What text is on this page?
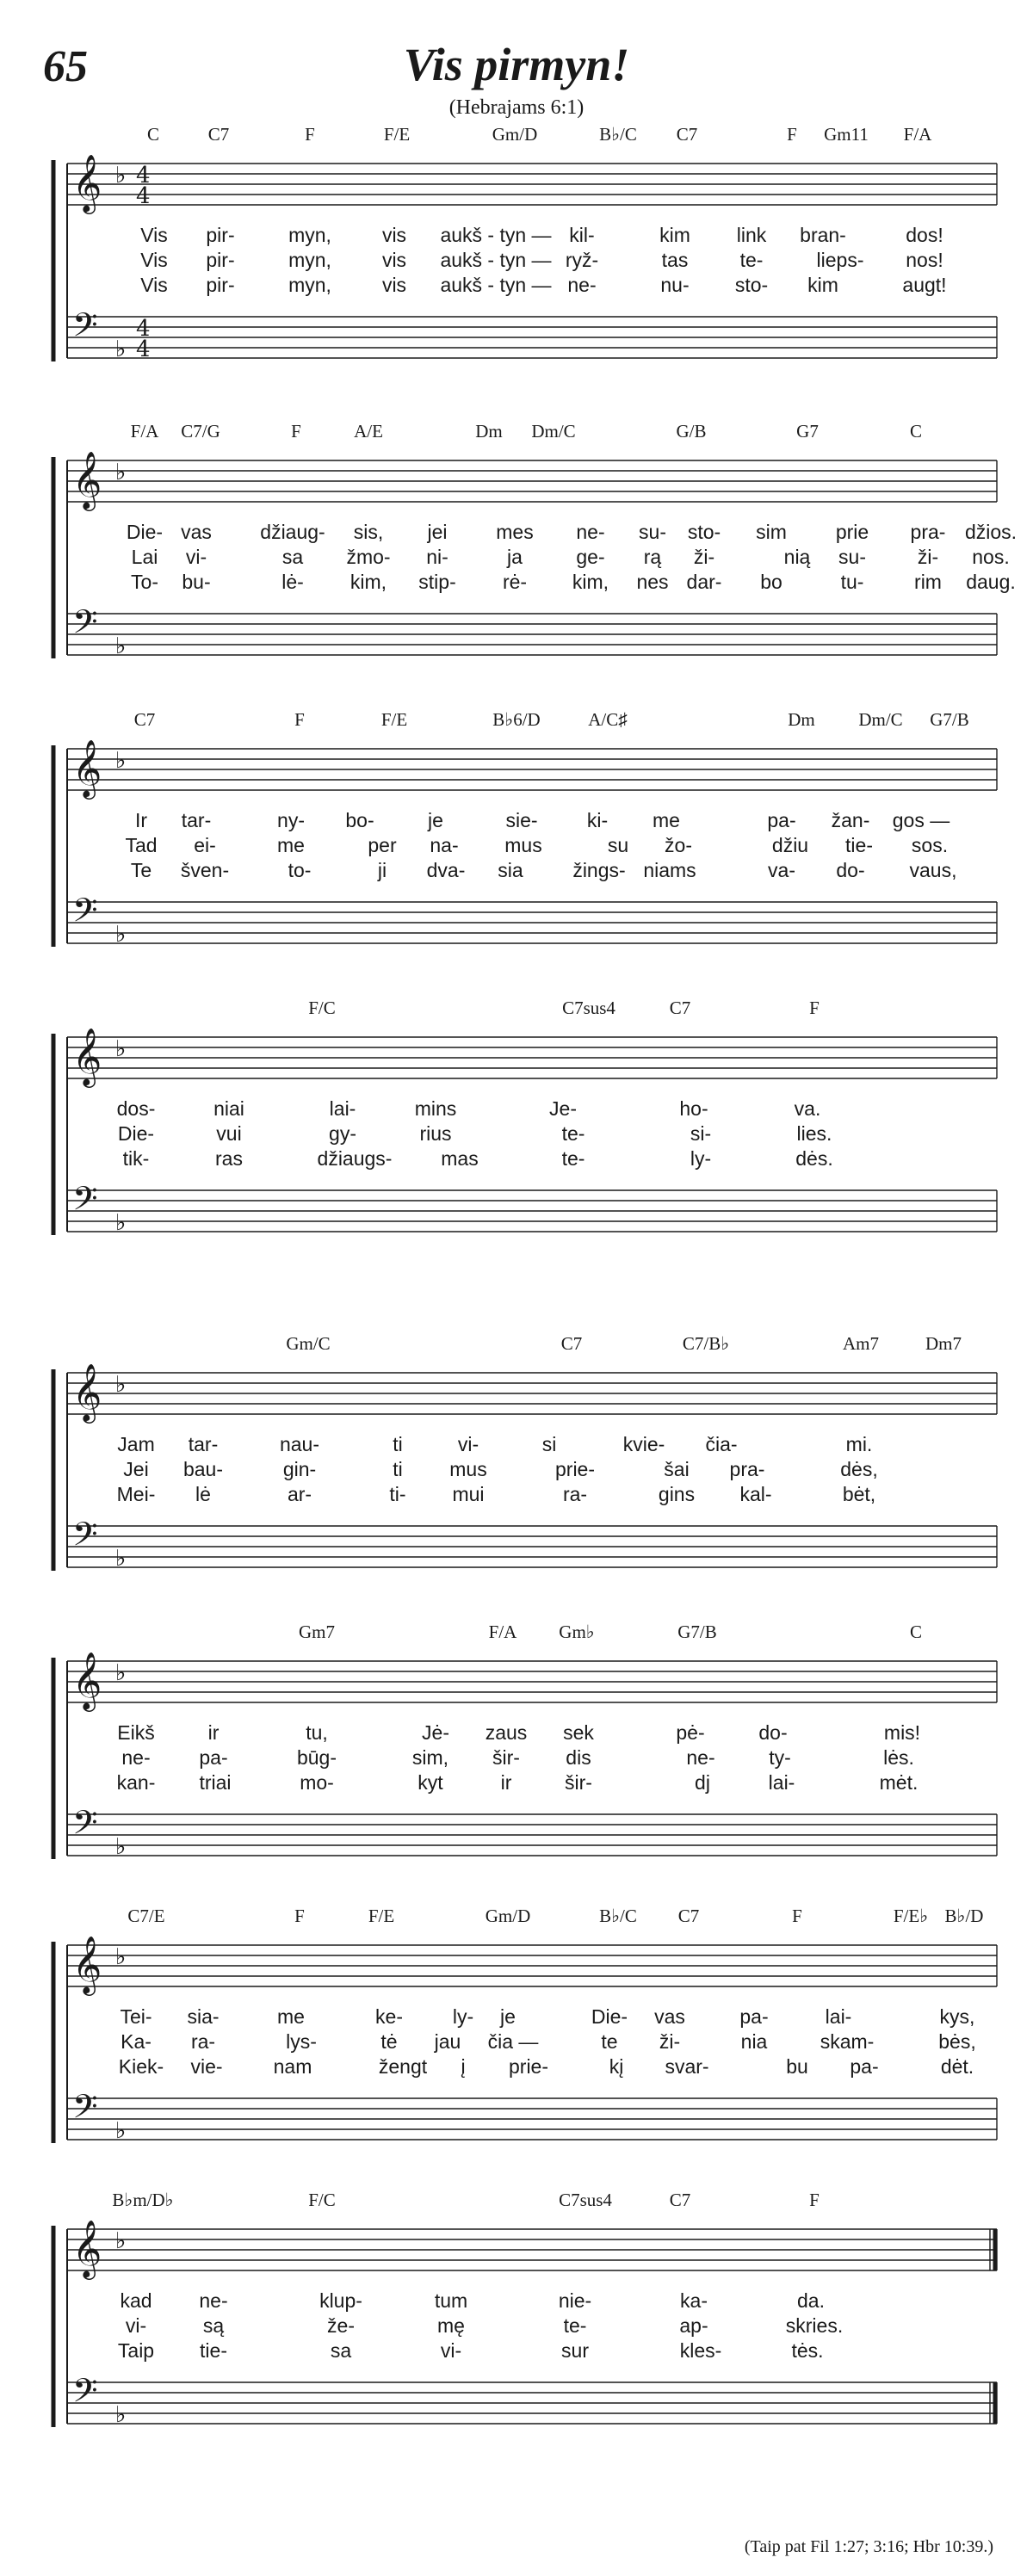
65	Vis pirmyn!
(Hebrajams 6:1)
(Taip pat Fil 1:27; 3:16; Hbr 10:39.)
𝄞
𝄢
♭
♭
4
4
4
4
C	C7	F	F/E	Gm/D	B♭/C C7	F Gm11 F/A
Vis pir-	myn,	vis aukš - tyn — kil-	kim link bran-	dos!
Vis pir-	myn,	vis aukš - tyn — ryž-	tas	te-	lieps- nos!
Vis pir-	myn,	vis aukš - tyn — ne-	nu- sto- kim	augt!
𝄞
𝄢
♭
♭
F/A C7/G	F	A/E	Dm Dm/C	G/B	G7	C
Die- vas džiaug- sis, jei mes ne- su- sto- sim prie pra- džios.
Lai vi-	sa žmo- ni-	ja	ge- rą ži-	nią su-	ži- nos.
To- bu-	lė- kim, stip- rė- kim, nes dar- bo	tu-	rim daug.
𝄞
𝄢
♭
♭
C7	F	F/E	B♭6/D	A/C♯	Dm Dm/C G7/B
Ir tar-	ny- bo-	je	sie- ki- me	pa- žan- gos —
Tad ei-	me	per na- mus	su žo-	džiu tie- sos.
Te šven-	to-	ji dva- sia	žings- niams	va- do- vaus,
𝄞
𝄢
♭
♭
F/C	C7sus4	C7	F
dos-	niai	lai-	mins	Je-	ho-	va.
Die-	vui	gy-	rius	te-	si-	lies.
tik-	ras	džiaugs- mas	te-	ly-	dės.
𝄞
𝄢
♭
♭
Gm/C	C7	C7/B♭	Am7	Dm7
Jam tar-	nau-	ti	vi-	si	kvie- čia-	mi.
Jei bau-	gin-	ti mus	prie-	šai pra-	dės,
Mei- lė	ar-	ti- mui	ra-	gins kal-	bėt,
𝄞
𝄢
♭
♭
Gm7	F/A Gm♭	G7/B	C
Eikš	ir	tu,	Jė- zaus sek	pė-	do-	mis!
ne- pa-	būg-	sim, šir- dis	ne-	ty-	lės.
kan- triai	mo-	kyt	ir	šir-	dj	lai-	mėt.
𝄞
𝄢
♭
♭
C7/E	F	F/E	Gm/D	B♭/C C7	F	F/E♭ B♭/D
Tei- sia-	me	ke-	ly- je	Die- vas	pa-	lai-	kys,
Ka- ra-	lys-	tė jau čia —	te ži-	nia	skam-	bės,
Kiek- vie-	nam	žengt į prie-	kį svar-	bu pa-	dėt.
𝄞
𝄢
♭
♭
B♭m/D♭	F/C	C7sus4	C7	F
kad ne-	klup-	tum	nie-	ka-	da.
vi-	są	že-	mę	te-	ap-	skries.
Taip tie-	sa	vi-	sur	kles-	tės.
